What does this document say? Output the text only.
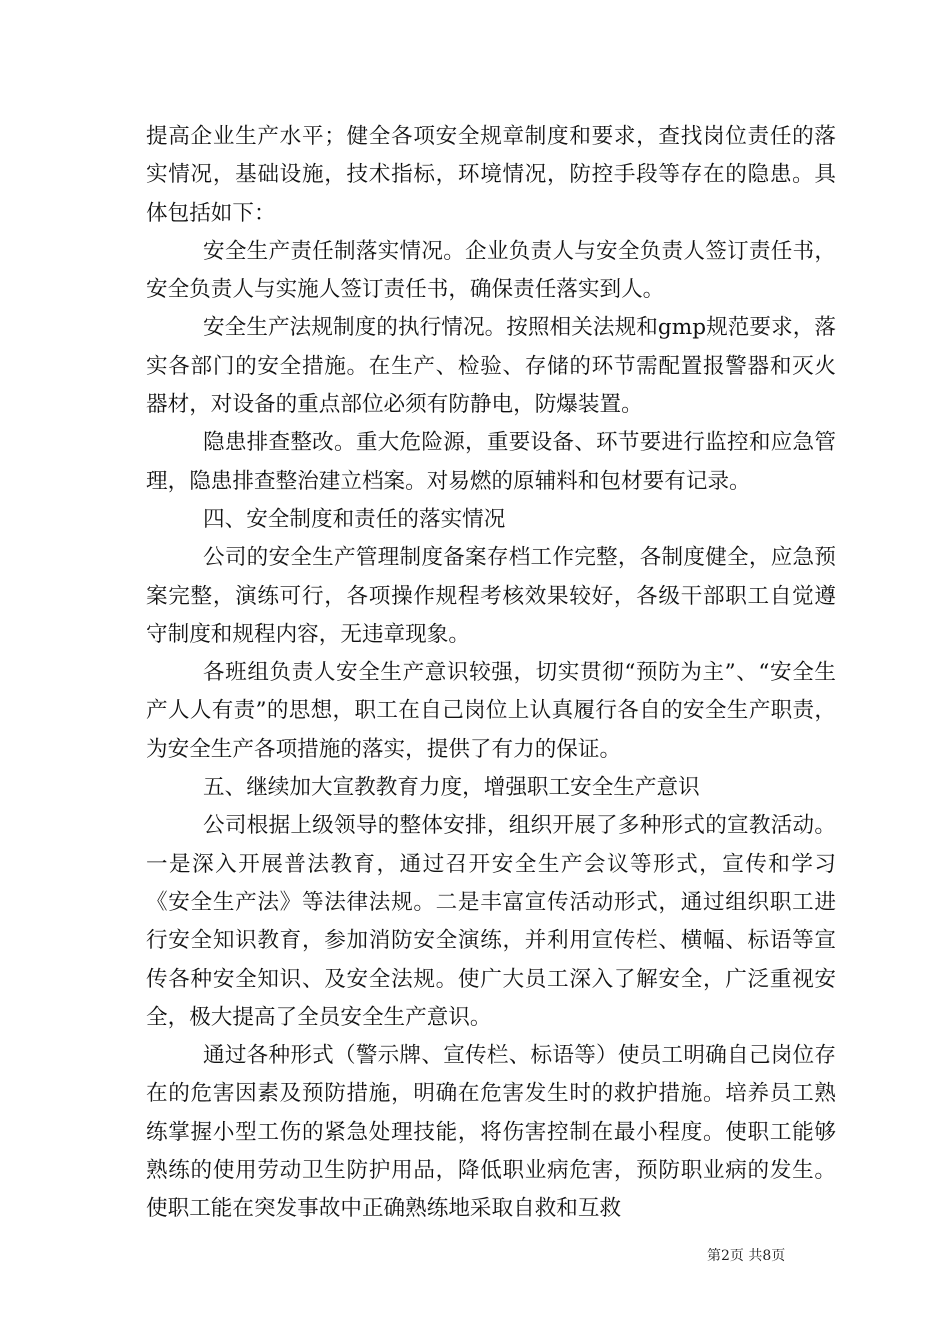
提高企业生产水平；健全各项安全规章制度和要求，查找岗位责任的落实情况，基础设施，技术指标，环境情况，防控手段等存在的隐患。具体包括如下：

安全生产责任制落实情况。企业负责人与安全负责人签订责任书，安全负责人与实施人签订责任书，确保责任落实到人。

安全生产法规制度的执行情况。按照相关法规和gmp规范要求，落实各部门的安全措施。在生产、检验、存储的环节需配置报警器和灭火器材，对设备的重点部位必须有防静电，防爆装置。

隐患排查整改。重大危险源，重要设备、环节要进行监控和应急管理，隐患排查整治建立档案。对易燃的原辅料和包材要有记录。

四、安全制度和责任的落实情况

公司的安全生产管理制度备案存档工作完整，各制度健全，应急预案完整，演练可行，各项操作规程考核效果较好，各级干部职工自觉遵守制度和规程内容，无违章现象。

各班组负责人安全生产意识较强，切实贯彻“预防为主”、“安全生产人人有责”的思想，职工在自己岗位上认真履行各自的安全生产职责，为安全生产各项措施的落实，提供了有力的保证。

五、继续加大宣教教育力度，增强职工安全生产意识

公司根据上级领导的整体安排，组织开展了多种形式的宣教活动。一是深入开展普法教育，通过召开安全生产会议等形式，宣传和学习《安全生产法》等法律法规。二是丰富宣传活动形式，通过组织职工进行安全知识教育，参加消防安全演练，并利用宣传栏、横幅、标语等宣传各种安全知识、及安全法规。使广大员工深入了解安全，广泛重视安全，极大提高了全员安全生产意识。

通过各种形式（警示牌、宣传栏、标语等）使员工明确自己岗位存在的危害因素及预防措施，明确在危害发生时的救护措施。培养员工熟练掌握小型工伤的紧急处理技能，将伤害控制在最小程度。使职工能够熟练的使用劳动卫生防护用品，降低职业病危害，预防职业病的发生。使职工能在突发事故中正确熟练地采取自救和互救

第2页 共8页
